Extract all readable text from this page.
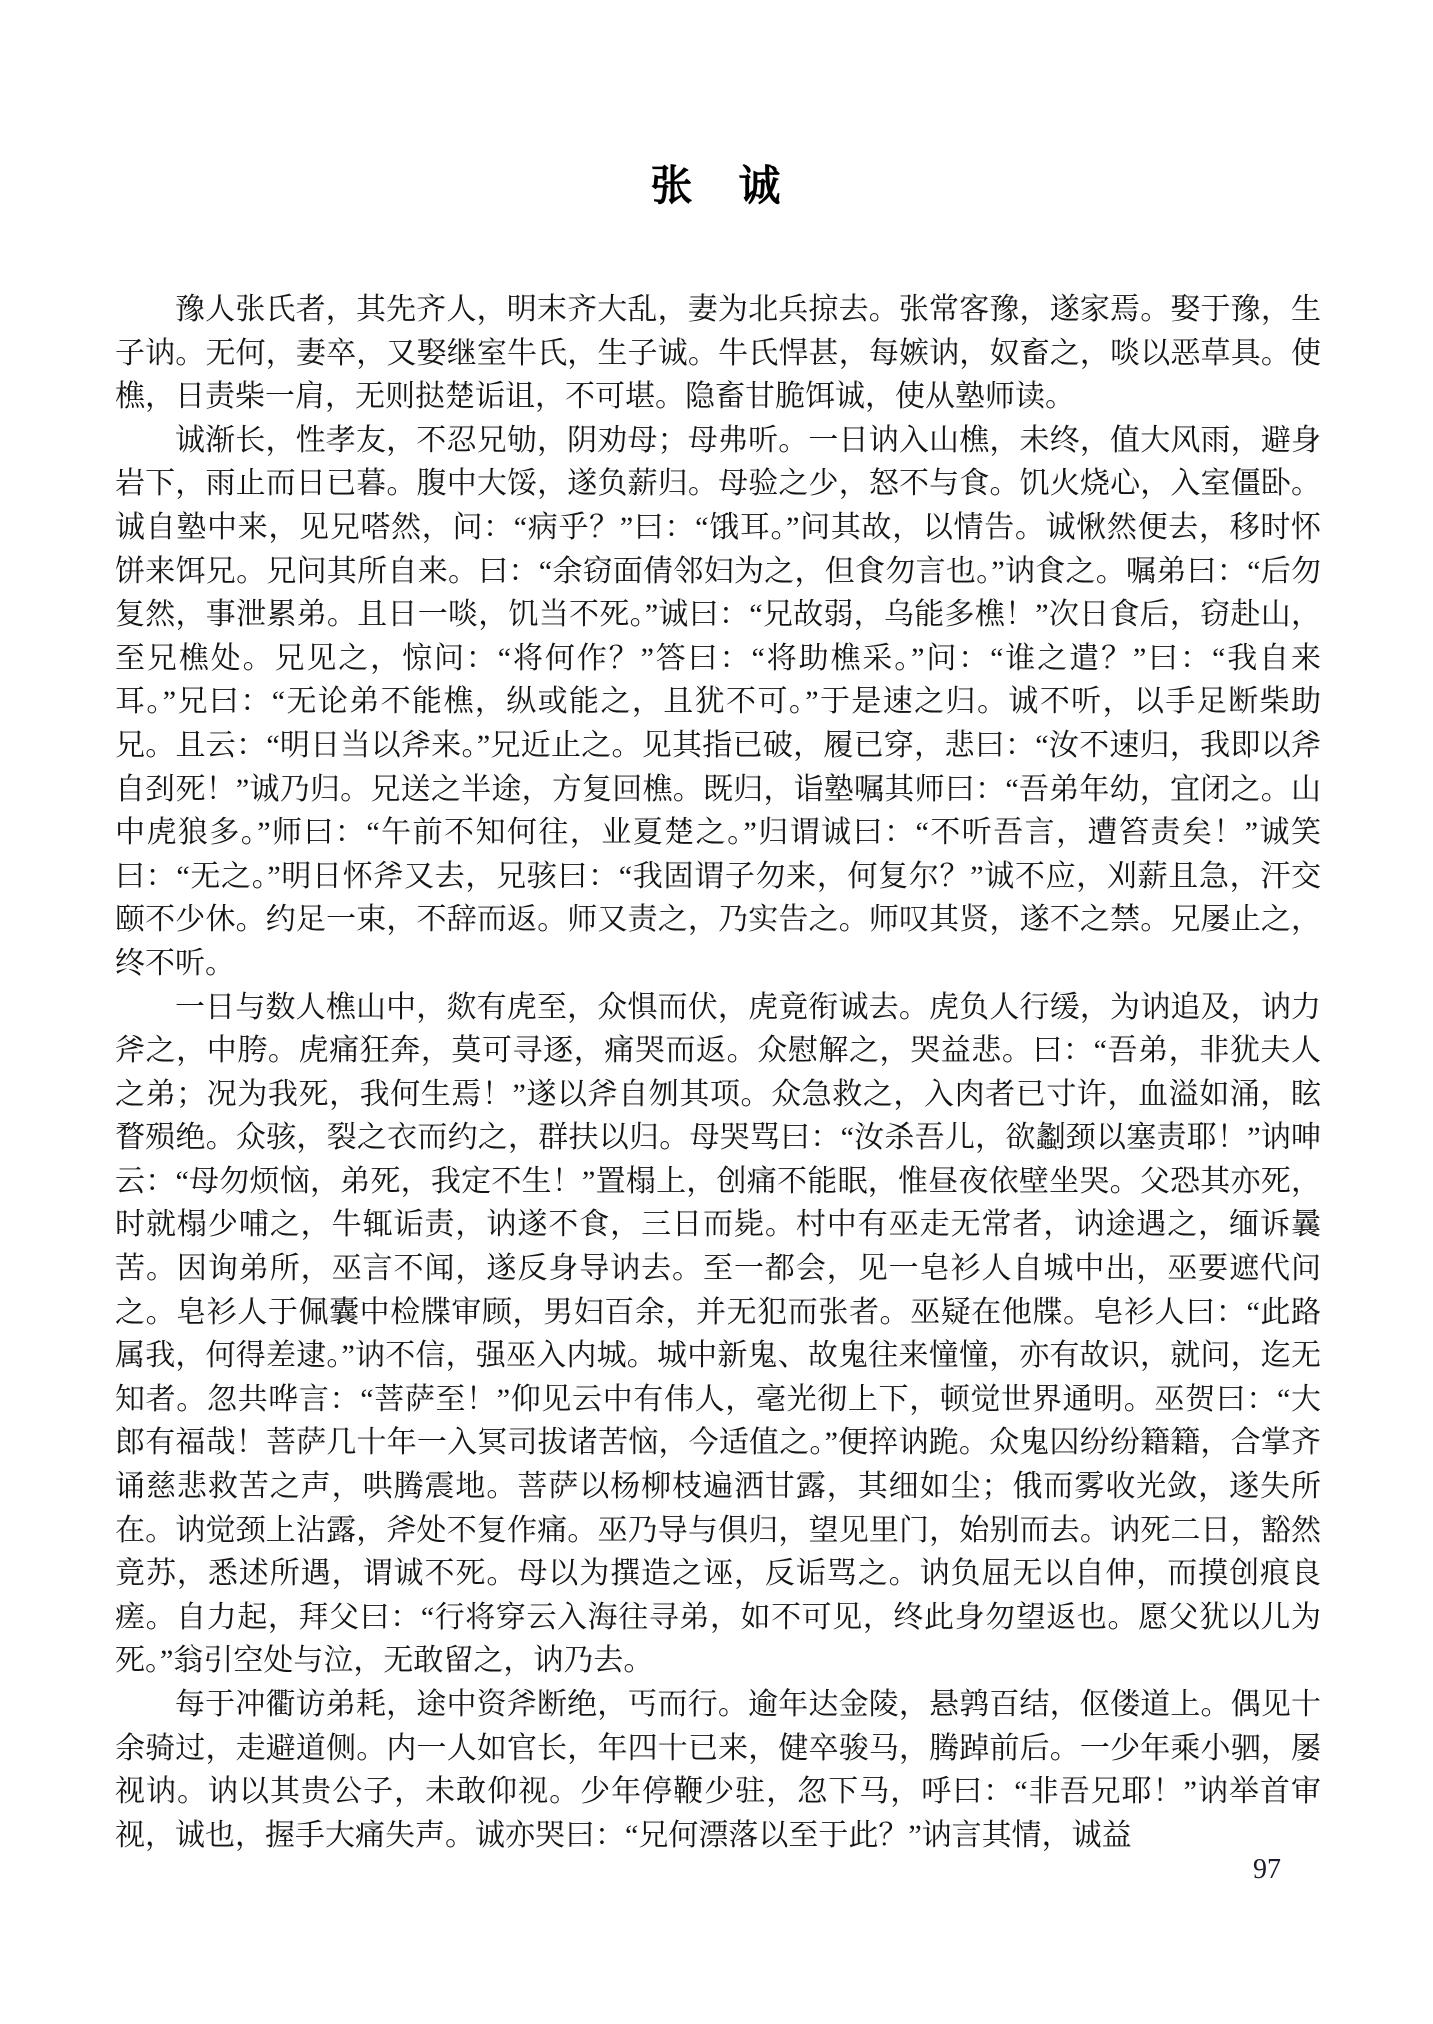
张　诚

豫人张氏者，其先齐人，明末齐大乱，妻为北兵掠去。张常客豫，遂家焉。娶于豫，生子讷。无何，妻卒，又娶继室牛氏，生子诚。牛氏悍甚，每嫉讷，奴畜之，啖以恶草具。使樵，日责柴一肩，无则挞楚诟诅，不可堪。隐畜甘脆饵诚，使从塾师读。

诚渐长，性孝友，不忍兄劬，阴劝母；母弗听。一日讷入山樵，未终，值大风雨，避身岩下，雨止而日已暮。腹中大馁，遂负薪归。母验之少，怒不与食。饥火烧心，入室僵卧。诚自塾中来，见兄嗒然，问：“病乎？”曰：“饿耳。”问其故，以情告。诚愀然便去，移时怀饼来饵兄。兄问其所自来。曰：“余窃面倩邻妇为之，但食勿言也。”讷食之。嘱弟曰：“后勿复然，事泄累弟。且日一啖，饥当不死。”诚曰：“兄故弱，乌能多樵！”次日食后，窃赴山，至兄樵处。兄见之，惊问：“将何作？”答曰：“将助樵采。”问：“谁之遣？”曰：“我自来耳。”兄曰：“无论弟不能樵，纵或能之，且犹不可。”于是速之归。诚不听，以手足断柴助兄。且云：“明日当以斧来。”兄近止之。见其指已破，履已穿，悲曰：“汝不速归，我即以斧自刭死！”诚乃归。兄送之半途，方复回樵。既归，诣塾嘱其师曰：“吾弟年幼，宜闭之。山中虎狼多。”师曰：“午前不知何往，业夏楚之。”归谓诚曰：“不听吾言，遭笞责矣！”诚笑曰：“无之。”明日怀斧又去，兄骇曰：“我固谓子勿来，何复尔？”诚不应，刈薪且急，汗交颐不少休。约足一束，不辞而返。师又责之，乃实告之。师叹其贤，遂不之禁。兄屡止之，终不听。

一日与数人樵山中，欻有虎至，众惧而伏，虎竟衔诚去。虎负人行缓，为讷追及，讷力斧之，中胯。虎痛狂奔，莫可寻逐，痛哭而返。众慰解之，哭益悲。曰：“吾弟，非犹夫人之弟；况为我死，我何生焉！”遂以斧自刎其项。众急救之，入肉者已寸许，血溢如涌，眩瞀殒绝。众骇，裂之衣而约之，群扶以归。母哭骂曰：“汝杀吾儿，欲劙颈以塞责耶！”讷呻云：“母勿烦恼，弟死，我定不生！”置榻上，创痛不能眠，惟昼夜依壁坐哭。父恐其亦死，时就榻少哺之，牛辄诟责，讷遂不食，三日而毙。村中有巫走无常者，讷途遇之，缅诉曩苦。因询弟所，巫言不闻，遂反身导讷去。至一都会，见一皂衫人自城中出，巫要遮代问之。皂衫人于佩囊中检牒审顾，男妇百余，并无犯而张者。巫疑在他牒。皂衫人曰：“此路属我，何得差逮。”讷不信，强巫入内城。城中新鬼、故鬼往来憧憧，亦有故识，就问，迄无知者。忽共哗言：“菩萨至！”仰见云中有伟人，毫光彻上下，顿觉世界通明。巫贺曰：“大郎有福哉！菩萨几十年一入冥司拔诸苦恼，今适值之。”便捽讷跪。众鬼囚纷纷籍籍，合掌齐诵慈悲救苦之声，哄腾震地。菩萨以杨柳枝遍洒甘露，其细如尘；俄而雾收光敛，遂失所在。讷觉颈上沾露，斧处不复作痛。巫乃导与俱归，望见里门，始别而去。讷死二日，豁然竟苏，悉述所遇，谓诚不死。母以为撰造之诬，反诟骂之。讷负屈无以自伸，而摸创痕良瘥。自力起，拜父曰：“行将穿云入海往寻弟，如不可见，终此身勿望返也。愿父犹以儿为死。”翁引空处与泣，无敢留之，讷乃去。

每于冲衢访弟耗，途中资斧断绝，丐而行。逾年达金陵，悬鹑百结，伛偻道上。偶见十余骑过，走避道侧。内一人如官长，年四十已来，健卒骏马，腾踔前后。一少年乘小驷，屡视讷。讷以其贵公子，未敢仰视。少年停鞭少驻，忽下马，呼曰：“非吾兄耶！”讷举首审视，诚也，握手大痛失声。诚亦哭曰：“兄何漂落以至于此？”讷言其情，诚益

97
